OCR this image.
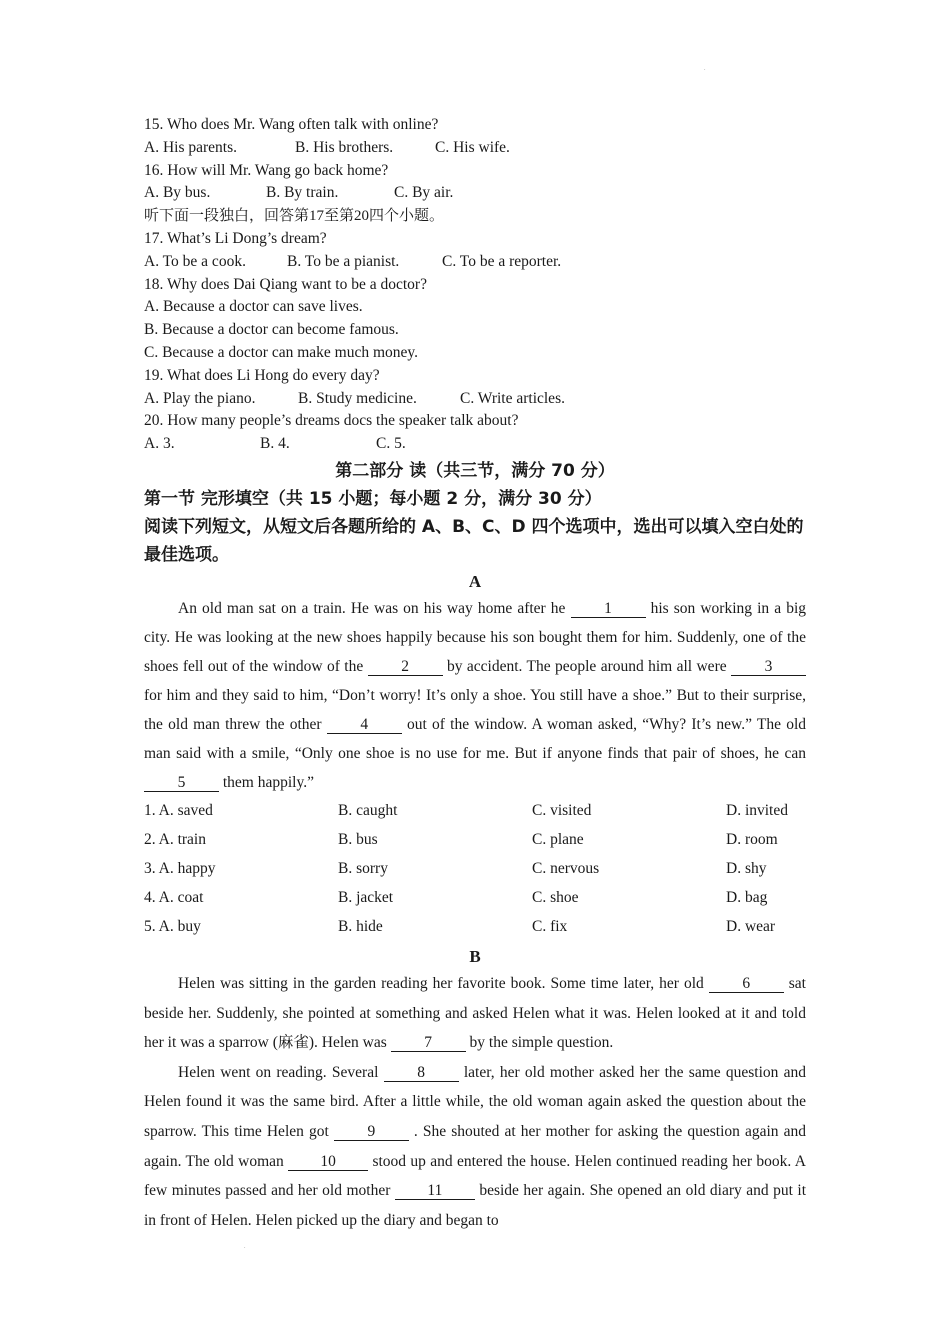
.
.
15. Who does Mr. Wang often talk with online?
A. His parents.	B. His brothers.	C. His wife.
16. How will Mr. Wang go back home?
A. By bus.	B. By train.	C. By air.
听下面一段独白，回答第17至第20四个小题。
17. What’s Li Dong’s dream?
A. To be a cook.	B. To be a pianist.	C. To be a reporter.
18. Why does Dai Qiang want to be a doctor?
A. Because a doctor can save lives.
B. Because a doctor can become famous.
C. Because a doctor can make much money.
19. What does Li Hong do every day?
A. Play the piano.	B. Study medicine.	C. Write articles.
20. How many people’s dreams docs the speaker talk about?
A. 3.	B. 4.	C. 5.
第二部分 读（共三节，满分 70 分）
第一节 完形填空（共 15 小题；每小题 2 分，满分 30 分）
阅读下列短文，从短文后各题所给的 A、B、C、D 四个选项中，选出可以填入空白处的最佳选项。
A

An old man sat on a train. He was on his way home after he 1 his son working in a big city. He was looking at the new shoes happily because his son bought them for him. Suddenly, one of the shoes fell out of the window of the 2 by accident. The people around him all were 3 for him and they said to him, “Don’t worry! It’s only a shoe. You still have a shoe.” But to their surprise, the old man threw the other 4 out of the window. A woman asked, “Why? It’s new.” The old man said with a smile, “Only one shoe is no use for me. But if anyone finds that pair of shoes, he can 5 them happily.”

1. A. saved	B. caught	C. visited	D. invited
2. A. train	B. bus	C. plane	D. room
3. A. happy	B. sorry	C. nervous	D. shy
4. A. coat	B. jacket	C. shoe	D. bag
5. A. buy	B. hide	C. fix	D. wear
B

Helen was sitting in the garden reading her favorite book. Some time later, her old 6 sat beside her. Suddenly, she pointed at something and asked Helen what it was. Helen looked at it and told her it was a sparrow (麻雀). Helen was 7 by the simple question.

Helen went on reading. Several 8 later, her old mother asked her the same question and Helen found it was the same bird. After a little while, the old woman again asked the question about the sparrow. This time Helen got 9 . She shouted at her mother for asking the question again and again. The old woman 10 stood up and entered the house. Helen continued reading her book. A few minutes passed and her old mother 11 beside her again. She opened an old diary and put it in front of Helen. Helen picked up the diary and began to
